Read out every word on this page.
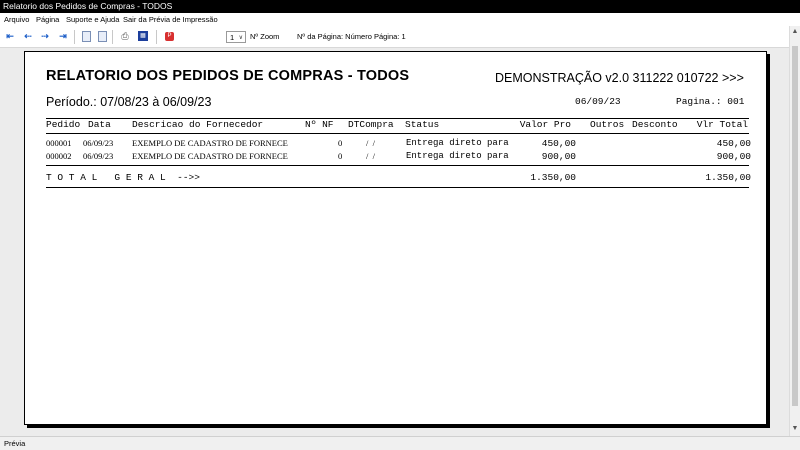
Relatorio dos Pedidos de Compras - TODOS
Arquivo Página Suporte e Ajuda Sair da Prévia de Impressão
⇤ ⇠ ⇢ ⇥	⎙	▦	P	1 ∨ Nº Zoom Nº da Página: Número Página: 1
▲
▼
RELATORIO DOS PEDIDOS DE COMPRAS - TODOS	DEMONSTRAÇÃO v2.0 311222 010722 >>>
Período.: 07/08/23 à 06/09/23	06/09/23	Pagina.: 001
Pedido Data Descricao do Fornecedor	Nº NF DTCompra Status	Valor Pro Outros Desconto	Vlr Total
000001 06/09/23 EXEMPLO DE CADASTRO DE FORNECE	0	/  /	Entrega direto para	450,00	450,00
000002 06/09/23 EXEMPLO DE CADASTRO DE FORNECE	0	/  /	Entrega direto para	900,00	900,00
T O T A L   G E R A L  -->>	1.350,00	1.350,00
Prévia
